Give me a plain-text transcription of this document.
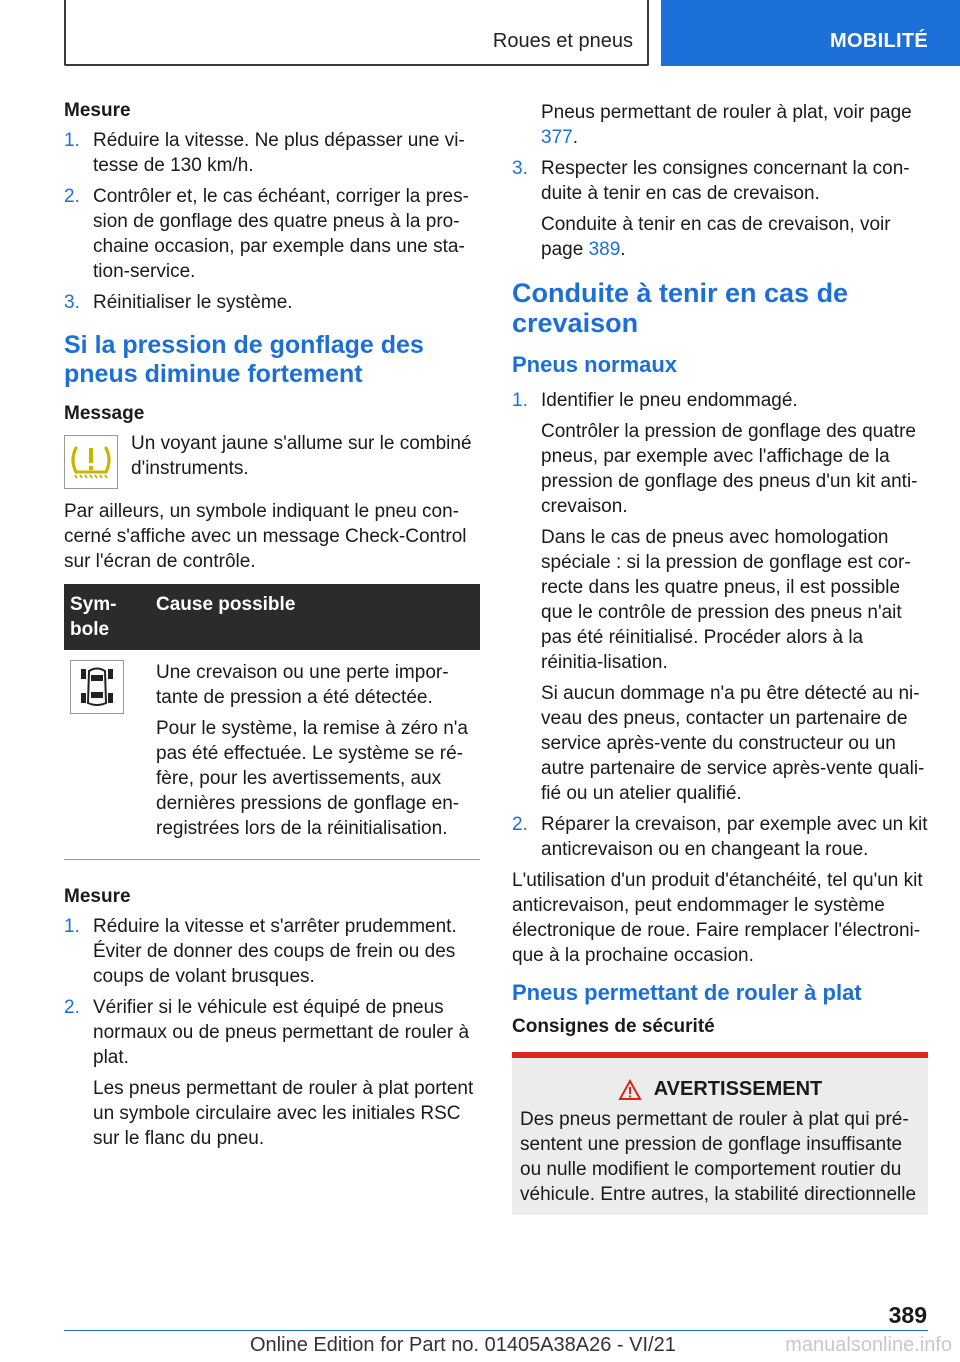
Roues et pneus	MOBILITÉ
Mesure
1. Réduire la vitesse. Ne plus dépasser une vi-tesse de 130 km/h.
2. Contrôler et, le cas échéant, corriger la pres-sion de gonflage des quatre pneus à la pro-chaine occasion, par exemple dans une sta-tion-service.
3. Réinitialiser le système.
Si la pression de gonflage des pneus diminue fortement
Message

Un voyant jaune s'allume sur le combiné d'instruments.

Par ailleurs, un symbole indiquant le pneu con-cerné s'affiche avec un message Check-Control sur l'écran de contrôle.

Sym-bole	Cause possible

Une crevaison ou une perte impor-tante de pression a été détectée.

Pour le système, la remise à zéro n'a pas été effectuée. Le système se ré-fère, pour les avertissements, aux dernières pressions de gonflage en-registrées lors de la réinitialisation.

Mesure
1. Réduire la vitesse et s'arrêter prudemment. Éviter de donner des coups de frein ou des coups de volant brusques.

2. Vérifier si le véhicule est équipé de pneus normaux ou de pneus permettant de rouler à plat.

Les pneus permettant de rouler à plat portent un symbole circulaire avec les initiales RSC sur le flanc du pneu.

Pneus permettant de rouler à plat, voir page 377.

3. Respecter les consignes concernant la con-duite à tenir en cas de crevaison.

Conduite à tenir en cas de crevaison, voir page 389.

Conduite à tenir en cas de crevaison
Pneus normaux
1. Identifier le pneu endommagé.

Contrôler la pression de gonflage des quatre pneus, par exemple avec l'affichage de la pression de gonflage des pneus d'un kit anti-crevaison.

Dans le cas de pneus avec homologation spéciale : si la pression de gonflage est cor-recte dans les quatre pneus, il est possible que le contrôle de pression des pneus n'ait pas été réinitialisé. Procéder alors à la réinitia-lisation.

Si aucun dommage n'a pu être détecté au ni-veau des pneus, contacter un partenaire de service après-vente du constructeur ou un autre partenaire de service après-vente quali-fié ou un atelier qualifié.

2. Réparer la crevaison, par exemple avec un kit anticrevaison ou en changeant la roue.

L'utilisation d'un produit d'étanchéité, tel qu'un kit anticrevaison, peut endommager le système électronique de roue. Faire remplacer l'électroni-que à la prochaine occasion.

Pneus permettant de rouler à plat
Consignes de sécurité
AVERTISSEMENT

Des pneus permettant de rouler à plat qui pré-sentent une pression de gonflage insuffisante ou nulle modifient le comportement routier du véhicule. Entre autres, la stabilité directionnelle

389
Online Edition for Part no. 01405A38A26 - VI/21	manualsonline.info
